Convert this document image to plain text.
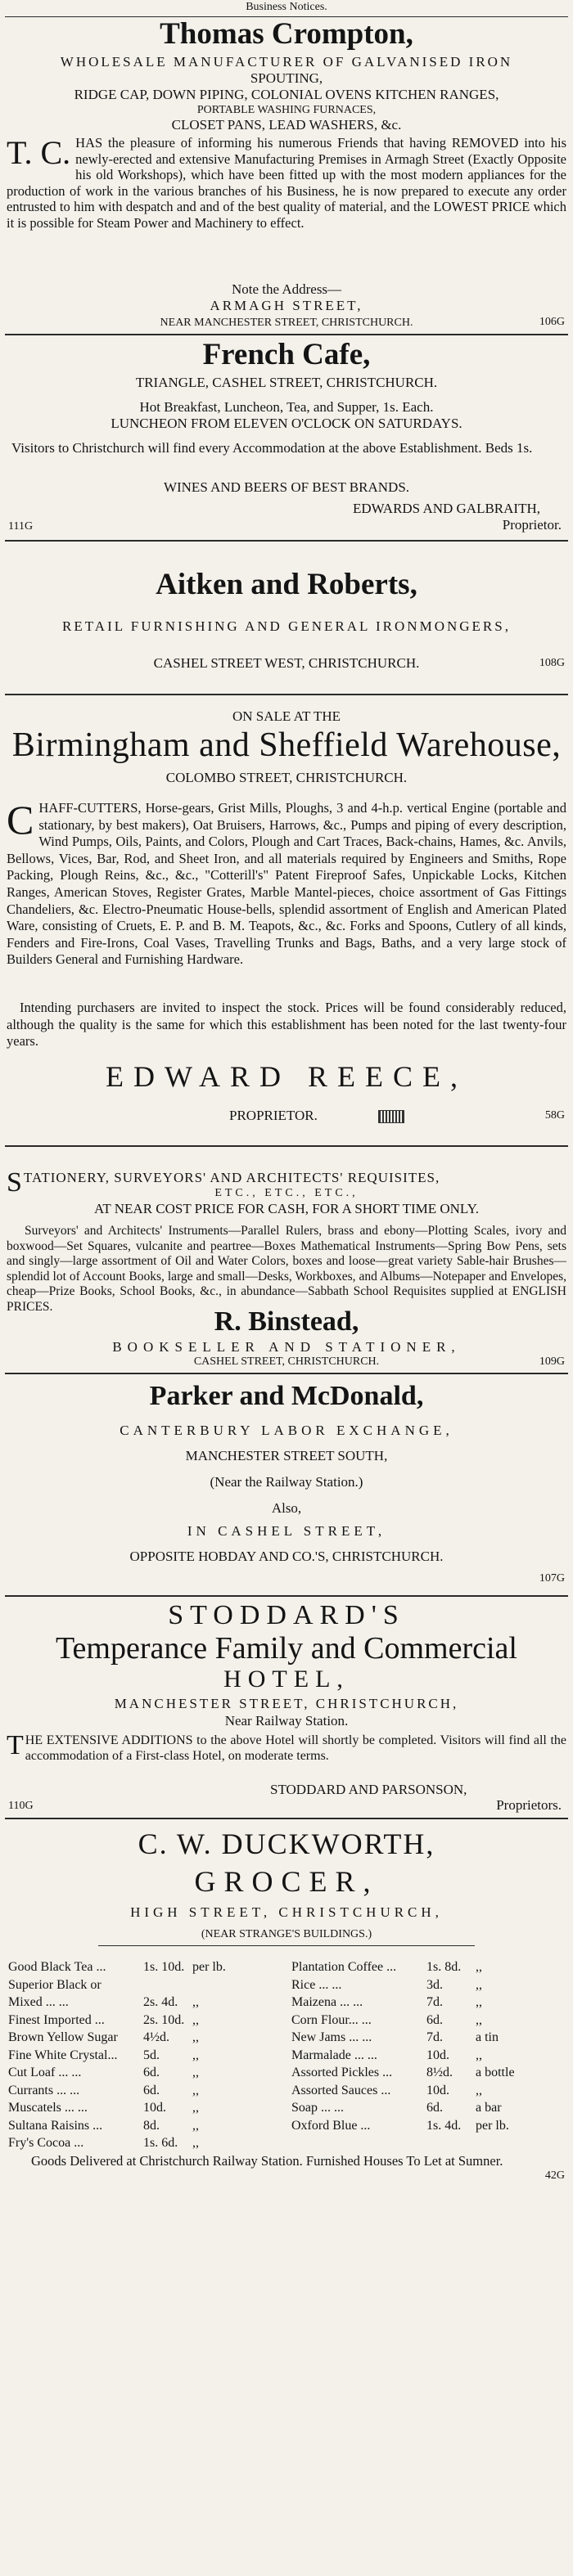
Business Notices.
Thomas Crompton,
WHOLESALE MANUFACTURER OF GALVANISED IRON
SPOUTING,
RIDGE CAP, DOWN PIPING, COLONIAL OVENS KITCHEN RANGES,
PORTABLE WASHING FURNACES,
CLOSET PANS, LEAD WASHERS, &c.
T. C. HAS the pleasure of informing his numerous Friends that having REMOVED into his newly-erected and extensive Manufacturing Premises in Armagh Street (Exactly Opposite his old Workshops), which have been fitted up with the most modern appliances for the production of work in the various branches of his Business, he is now prepared to execute any order entrusted to him with despatch and and of the best quality of material, and the LOWEST PRICE which it is possible for Steam Power and Machinery to effect.
Note the Address—
ARMAGH STREET,
NEAR MANCHESTER STREET, CHRISTCHURCH.	106G
French Cafe,
TRIANGLE, CASHEL STREET, CHRISTCHURCH.
Hot Breakfast, Luncheon, Tea, and Supper, 1s. Each.
LUNCHEON FROM ELEVEN O'CLOCK ON SATURDAYS.
Visitors to Christchurch will find every Accommodation at the above Establishment. Beds 1s.
WINES AND BEERS OF BEST BRANDS.
EDWARDS AND GALBRAITH,
111G	Proprietor.
Aitken and Roberts,
RETAIL FURNISHING AND GENERAL IRONMONGERS,
CASHEL STREET WEST, CHRISTCHURCH.	108G
ON SALE AT THE
Birmingham and Sheffield Warehouse,
COLOMBO STREET, CHRISTCHURCH.
C HAFF-CUTTERS, Horse-gears, Grist Mills, Ploughs, 3 and 4-h.p. vertical Engine (portable and stationary, by best makers), Oat Bruisers, Harrows, &c., Pumps and piping of every description, Wind Pumps, Oils, Paints, and Colors, Plough and Cart Traces, Back-chains, Hames, &c. Anvils, Bellows, Vices, Bar, Rod, and Sheet Iron, and all materials required by Engineers and Smiths, Rope Packing, Plough Reins, &c., &c., "Cotterill's" Patent Fireproof Safes, Unpickable Locks, Kitchen Ranges, American Stoves, Register Grates, Marble Mantel-pieces, choice assortment of Gas Fittings Chandeliers, &c. Electro-Pneumatic House-bells, splendid assortment of English and American Plated Ware, consisting of Cruets, E. P. and B. M. Teapots, &c., &c. Forks and Spoons, Cutlery of all kinds, Fenders and Fire-Irons, Coal Vases, Travelling Trunks and Bags, Baths, and a very large stock of Builders General and Furnishing Hardware.
Intending purchasers are invited to inspect the stock. Prices will be found considerably reduced, although the quality is the same for which this establishment has been noted for the last twenty-four years.
EDWARD REECE,
PROPRIETOR.	58G
S TATIONERY, SURVEYORS' AND ARCHITECTS' REQUISITES,
ETC., ETC., ETC.,
AT NEAR COST PRICE FOR CASH, FOR A SHORT TIME ONLY.
Surveyors' and Architects' Instruments—Parallel Rulers, brass and ebony—Plotting Scales, ivory and boxwood—Set Squares, vulcanite and peartree—Boxes Mathematical Instruments—Spring Bow Pens, sets and singly—large assortment of Oil and Water Colors, boxes and loose—great variety Sable-hair Brushes—splendid lot of Account Books, large and small—Desks, Workboxes, and Albums—Notepaper and Envelopes, cheap—Prize Books, School Books, &c., in abundance—Sabbath School Requisites supplied at ENGLISH PRICES.	R. Binstead,
BOOKSELLER AND STATIONER,
CASHEL STREET, CHRISTCHURCH.	109G
Parker and McDonald,
CANTERBURY LABOR EXCHANGE,
MANCHESTER STREET SOUTH,
(Near the Railway Station.)
Also,
IN CASHEL STREET,
OPPOSITE HOBDAY AND CO.'S, CHRISTCHURCH.
107G
STODDARD'S
Temperance Family and Commercial
HOTEL,
MANCHESTER STREET, CHRISTCHURCH,
Near Railway Station.
T HE EXTENSIVE ADDITIONS to the above Hotel will shortly be completed. Visitors will find all the accommodation of a First-class Hotel, on moderate terms.
STODDARD AND PARSONSON,
110G	Proprietors.
C. W. DUCKWORTH,
GROCER,
HIGH STREET, CHRISTCHURCH,
(NEAR STRANGE'S BUILDINGS.)
Good Black Tea ...	1s. 10d. per lb.
Superior Black or
Mixed ... ...	2s. 4d.	,,
Finest Imported ...	2s. 10d. ,,
Brown Yellow Sugar	4½d.	,,
Fine White Crystal...	5d.	,,
Cut Loaf ... ...	6d.	,,
Currants ... ...	6d.	,,
Muscatels ... ...	10d.	,,
Sultana Raisins ...	8d.	,,
Fry's Cocoa ...	1s. 6d.	,,
Plantation Coffee ...	1s. 8d.	,,
Rice ... ...	3d.	,,
Maizena ... ...	7d.	,,
Corn Flour... ...	6d.	,,
New Jams ... ...	7d.	a tin
Marmalade ... ...	10d.	,,
Assorted Pickles ...	8½d.	a bottle
Assorted Sauces ...	10d.	,,
Soap ... ...	6d.	a bar
Oxford Blue ...	1s. 4d.	per lb.
Goods Delivered at Christchurch Railway Station. Furnished Houses To Let at Sumner.
42G
